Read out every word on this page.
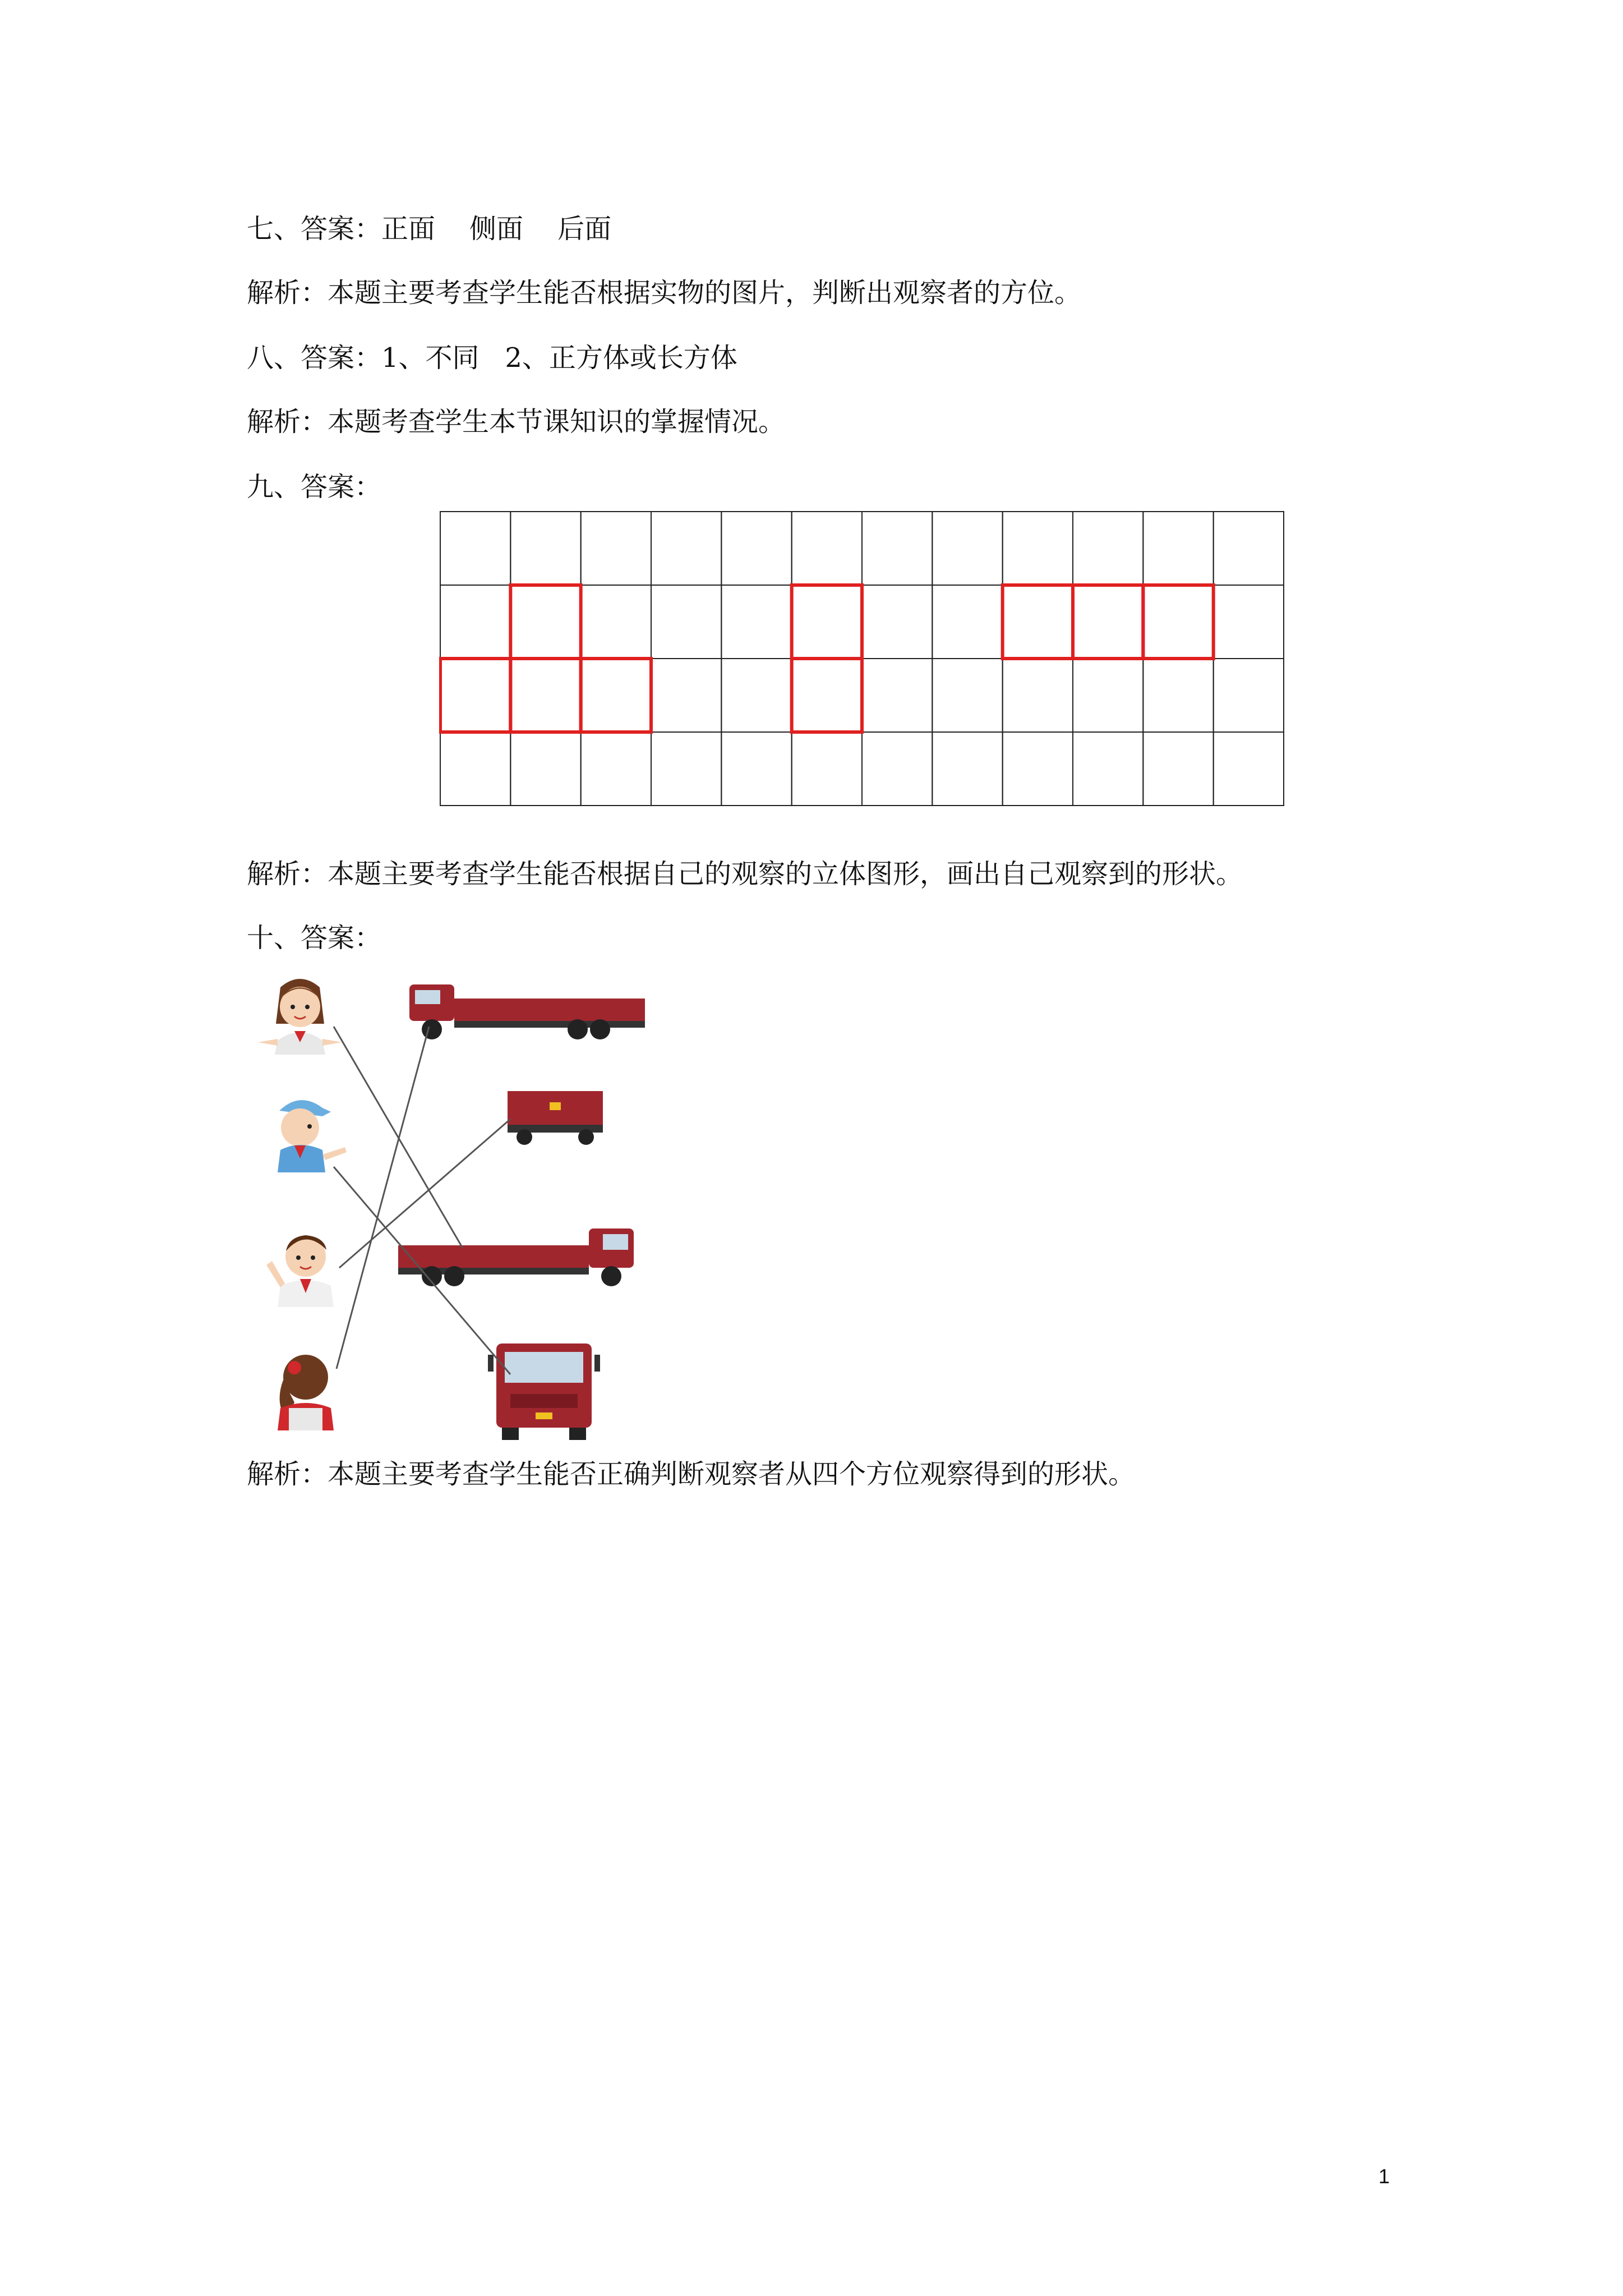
七、答案：正面    侧面    后面
解析：本题主要考查学生能否根据实物的图片，判断出观察者的方位。
八、答案：1、不同   2、正方体或长方体
解析：本题考查学生本节课知识的掌握情况。
九、答案：
解析：本题主要考查学生能否根据自己的观察的立体图形，画出自己观察到的形状。
十、答案：
解析：本题主要考查学生能否正确判断观察者从四个方位观察得到的形状。
1
